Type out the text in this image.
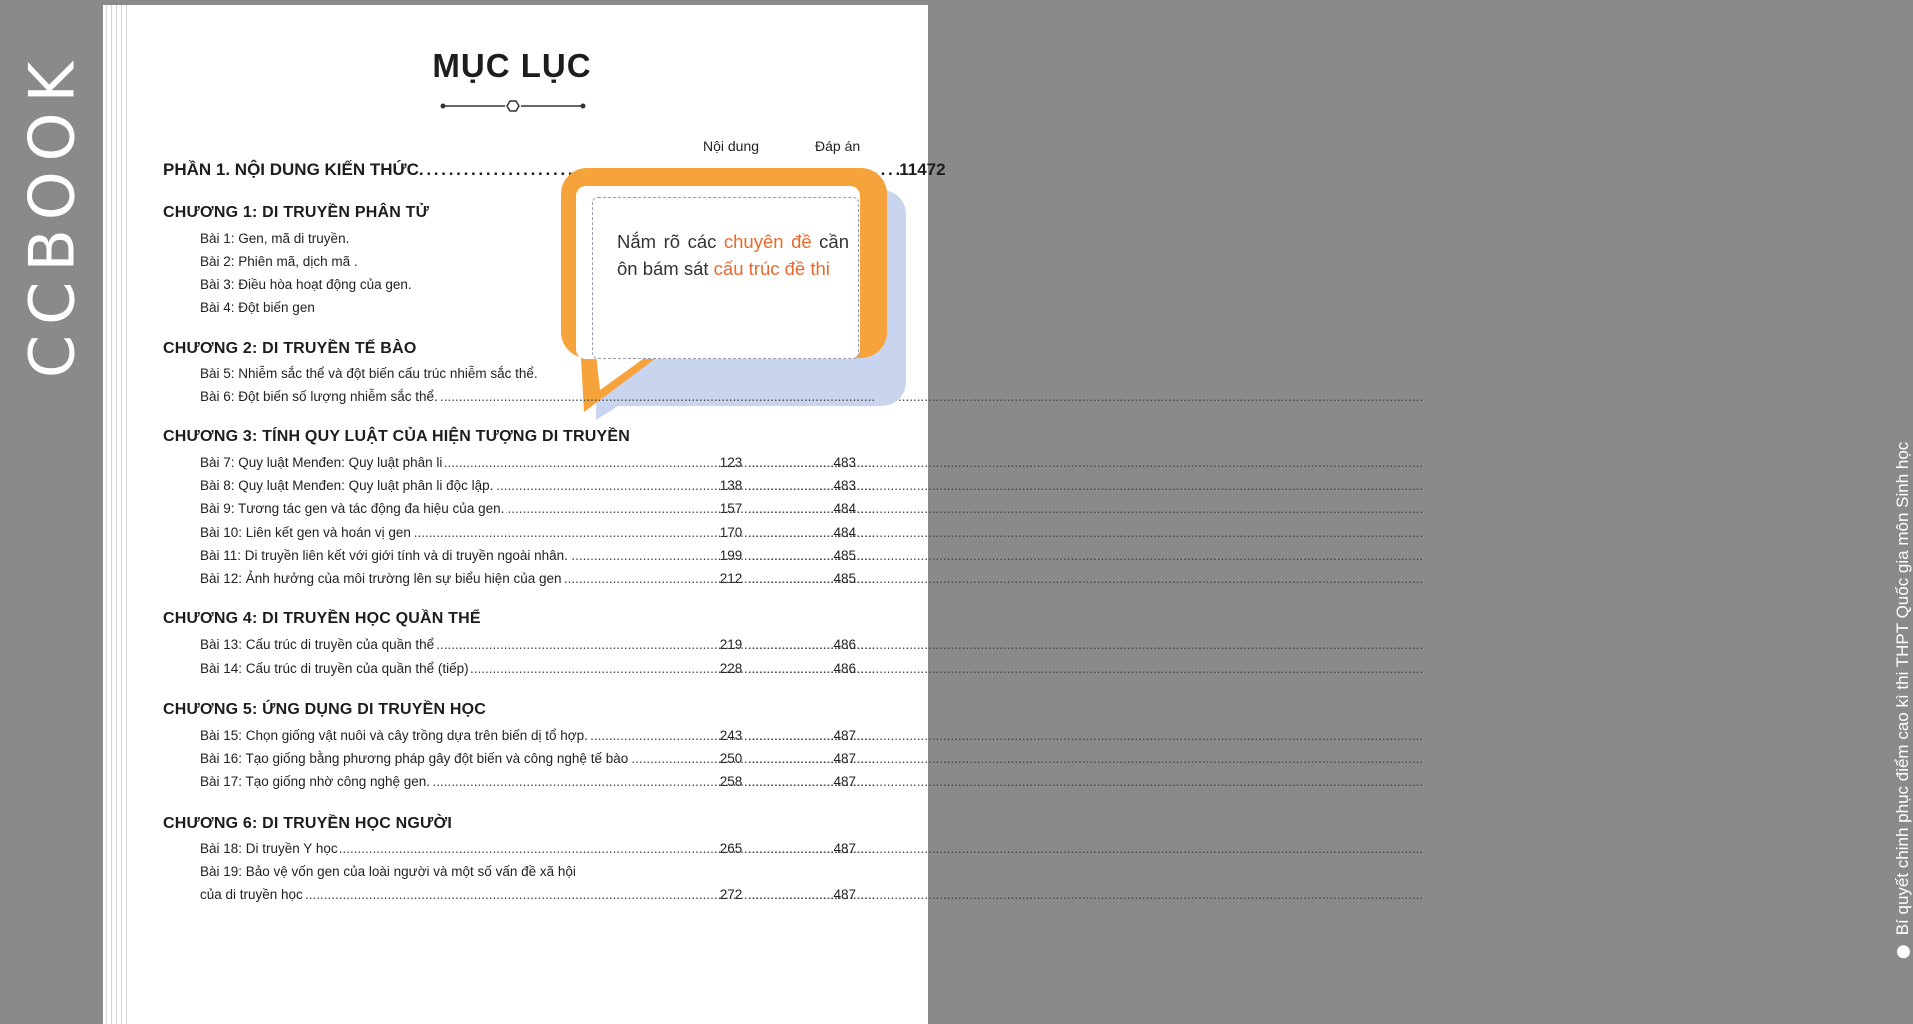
CCBOOK
Bí quyết chinh phục điểm cao kì thi THPT Quốc gia môn Sinh học
MỤC LỤC
Nội dung	Đáp án
PHẦN 1. NỘI DUNG KIẾN THỨC . . .	11 472
CHƯƠNG 1: DI TRUYỀN PHÂN TỬ
Bài 1: Gen, mã di truyền.
Bài 2: Phiên mã, dịch mã .
Bài 3: Điều hòa hoạt động của gen.
Bài 4: Đột biến gen
CHƯƠNG 2: DI TRUYỀN TẾ BÀO
Bài 5: Nhiễm sắc thể và đột biến cấu trúc nhiễm sắc thể.
.....
Bài 6: Đột biến số lượng nhiễm sắc thể.
.....
CHƯƠNG 3: TÍNH QUY LUẬT CỦA HIỆN TƯỢNG DI TRUYỀN
.....
Bài 7: Quy luật Menđen: Quy luật phân li	123 .....	483
.....
Bài 8: Quy luật Menđen: Quy luật phân li độc lập.	138 .....	483
.....
Bài 9: Tương tác gen và tác động đa hiệu của gen.	157 .....	484
.....
Bài 10: Liên kết gen và hoán vị gen	170 .....	484
.....
Bài 11: Di truyền liên kết với giới tính và di truyền ngoài nhân.	199 .....	485
.....
Bài 12: Ảnh hưởng của môi trường lên sự biểu hiện của gen	212 .....	485
CHƯƠNG 4: DI TRUYỀN HỌC QUẦN THỂ
.....
Bài 13: Cấu trúc di truyền của quần thể	219 .....	486
.....
Bài 14: Cấu trúc di truyền của quần thể (tiếp)	228 .....	486
CHƯƠNG 5: ỨNG DỤNG DI TRUYỀN HỌC
.....
Bài 15: Chọn giống vật nuôi và cây trồng dựa trên biến dị tổ hợp.	243 .....	487
.....
Bài 16: Tạo giống bằng phương pháp gây đột biến và công nghệ tế bào	250 .....	487
.....
Bài 17: Tạo giống nhờ công nghệ gen.	258 .....	487
CHƯƠNG 6: DI TRUYỀN HỌC NGƯỜI
.....
Bài 18: Di truyền Y học	265 .....	487
Bài 19: Bảo vệ vốn gen của loài người và một số vấn đề xã hội
.....
của di truyền học	272 .....	487
Nắm rõ các chuyên đề cần ôn bám sát cấu trúc đề thi
